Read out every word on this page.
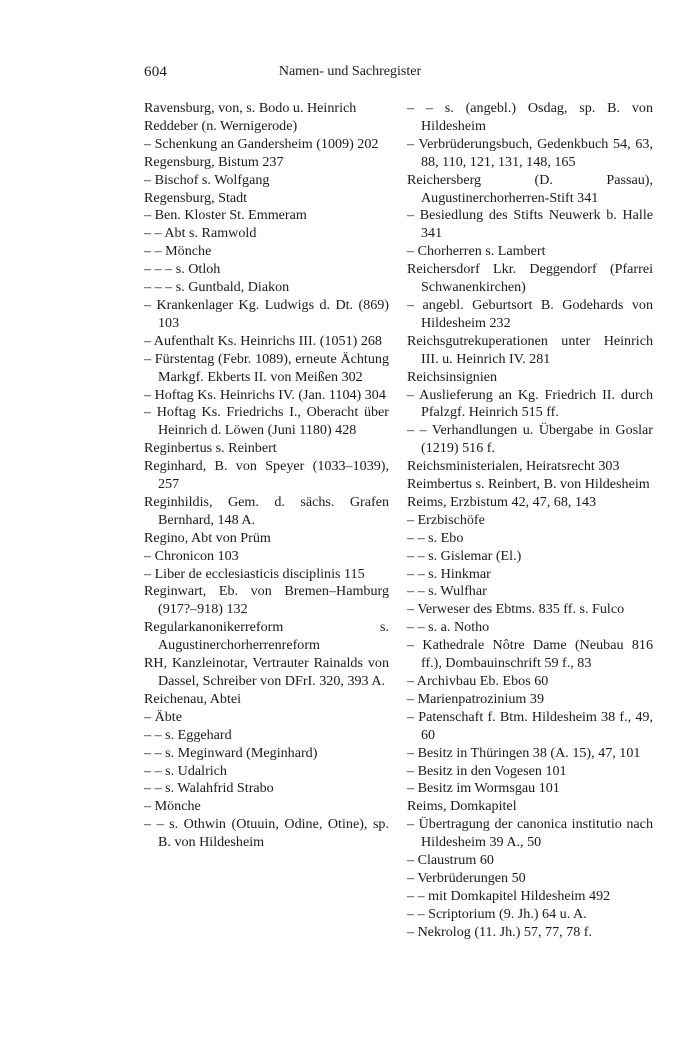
604	Namen- und Sachregister
Ravensburg, von, s. Bodo u. Heinrich
Reddeber (n. Wernigerode)
– Schenkung an Gandersheim (1009) 202
Regensburg, Bistum 237
– Bischof s. Wolfgang
Regensburg, Stadt
– Ben. Kloster St. Emmeram
– – Abt s. Ramwold
– – Mönche
– – – s. Otloh
– – – s. Guntbald, Diakon
– Krankenlager Kg. Ludwigs d. Dt. (869) 103
– Aufenthalt Ks. Heinrichs III. (1051) 268
– Fürstentag (Febr. 1089), erneute Ächtung Markgf. Ekberts II. von Meißen 302
– Hoftag Ks. Heinrichs IV. (Jan. 1104) 304
– Hoftag Ks. Friedrichs I., Oberacht über Heinrich d. Löwen (Juni 1180) 428
Reginbertus s. Reinbert
Reginhard, B. von Speyer (1033–1039), 257
Reginhildis, Gem. d. sächs. Grafen Bernhard, 148 A.
Regino, Abt von Prüm
– Chronicon 103
– Liber de ecclesiasticis disciplinis 115
Reginwart, Eb. von Bremen–Hamburg (917?–918) 132
Regularkanonikerreform s. Augustinerchorherrenreform
RH, Kanzleinotar, Vertrauter Rainalds von Dassel, Schreiber von DFrI. 320, 393 A.
Reichenau, Abtei
– Äbte
– – s. Eggehard
– – s. Meginward (Meginhard)
– – s. Udalrich
– – s. Walahfrid Strabo
– Mönche
– – s. Othwin (Otuuin, Odine, Otine), sp. B. von Hildesheim
– – s. (angebl.) Osdag, sp. B. von Hildesheim
– Verbrüderungsbuch, Gedenkbuch 54, 63, 88, 110, 121, 131, 148, 165
Reichersberg (D. Passau), Augustinerchorherren-Stift 341
– Besiedlung des Stifts Neuwerk b. Halle 341
– Chorherren s. Lambert
Reichersdorf Lkr. Deggendorf (Pfarrei Schwanenkirchen)
– angebl. Geburtsort B. Godehards von Hildesheim 232
Reichsgutrekuperationen unter Heinrich III. u. Heinrich IV. 281
Reichsinsignien
– Auslieferung an Kg. Friedrich II. durch Pfalzgf. Heinrich 515 ff.
– – Verhandlungen u. Übergabe in Goslar (1219) 516 f.
Reichsministerialen, Heiratsrecht 303
Reimbertus s. Reinbert, B. von Hildesheim
Reims, Erzbistum 42, 47, 68, 143
– Erzbischöfe
– – s. Ebo
– – s. Gislemar (El.)
– – s. Hinkmar
– – s. Wulfhar
– Verweser des Ebtms. 835 ff. s. Fulco
– – s. a. Notho
– Kathedrale Nôtre Dame (Neubau 816 ff.), Dombauinschrift 59 f., 83
– Archivbau Eb. Ebos 60
– Marienpatrozinium 39
– Patenschaft f. Btm. Hildesheim 38 f., 49, 60
– Besitz in Thüringen 38 (A. 15), 47, 101
– Besitz in den Vogesen 101
– Besitz im Wormsgau 101
Reims, Domkapitel
– Übertragung der canonica institutio nach Hildesheim 39 A., 50
– Claustrum 60
– Verbrüderungen 50
– – mit Domkapitel Hildesheim 492
– – Scriptorium (9. Jh.) 64 u. A.
– Nekrolog (11. Jh.) 57, 77, 78 f.
